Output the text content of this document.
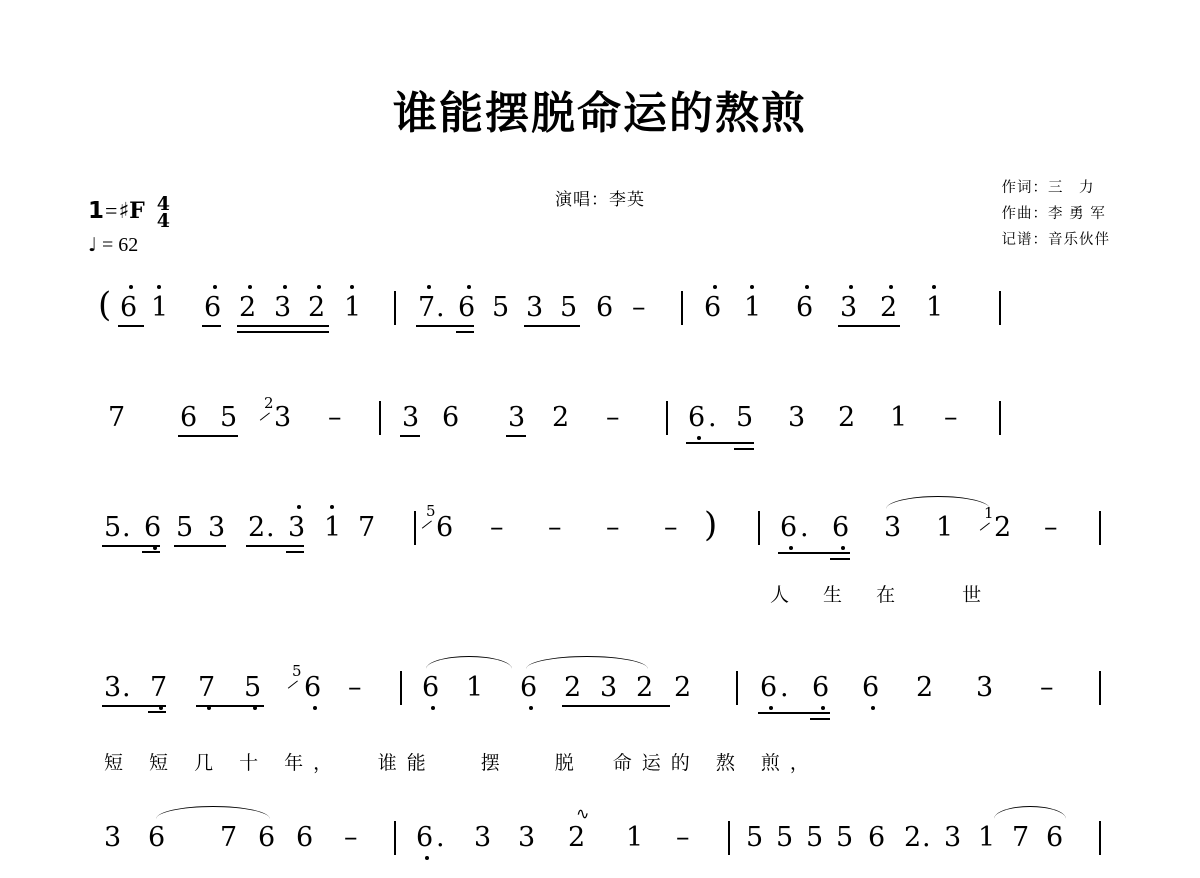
谁能摆脱命运的熬煎
演唱：李英
作词：三　力
作曲：李 勇 军
记谱：音乐伙伴
1 = ♯F 4
4
♩ = 62
( 6 1 6 2 3 2 1 7 . 6 5 3 5 6 – 6 1 6 3 2 1
7 6 5 2 3 – 3 6 3 2 –	6 . 5 3 2 1 –
5 . 6 5 3 2 . 3 1 7
5
6 – – – – ) 6 . 6 3 1 1 2 –
人 生 在　 世
3 . 7 7 5
5
6 – 6 1 6 2 3 2 2	6 . 6 6 2 3 –
短 短 几 十 年，　 谁能　 摆　 脱　命运的 熬 煎，
3 6 7 6 6 – 6 . 3 3
∿
2 1 – 5 5 5 5 6 2 . 3 1 7 6
